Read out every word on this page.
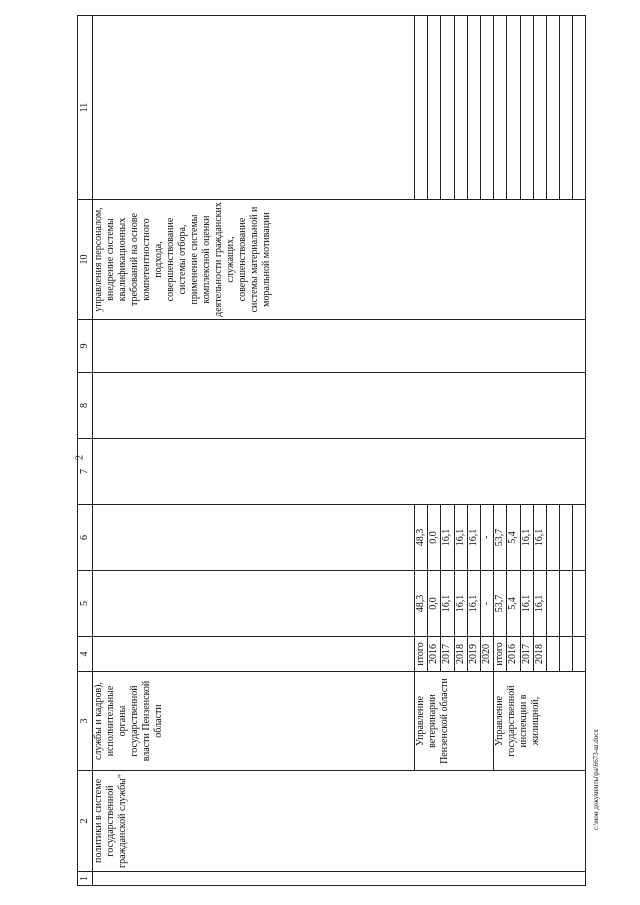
2
1	2	3	4	5	6	7	8	9	10	11
	политики в системе государственной гражданской службы"	службы и кадров), исполнительные органы государственной власти Пензенской области							управления персоналом, внедрение системы квалификационных требований на основе компетентностного подхода, совершенствование системы отбора, применение системы комплексной оценки деятельности гражданских служащих, совершенствование системы материальной и моральной мотивации	
		Управление ветеринарии Пензенской области	итого	48,3	48,3					
			2016	0,0	0,0					
			2017	16,1	16,1					
			2018	16,1	16,1					
			2019	16,1	16,1					
			2020	-	-					
		Управление государственной инспекции в жилищной,	итого	53,7	53,7					
			2016	5,4	5,4					
			2017	16,1	16,1					
			2018	16,1	16,1					

c:\мои документы\ра\6673-ш.docx
